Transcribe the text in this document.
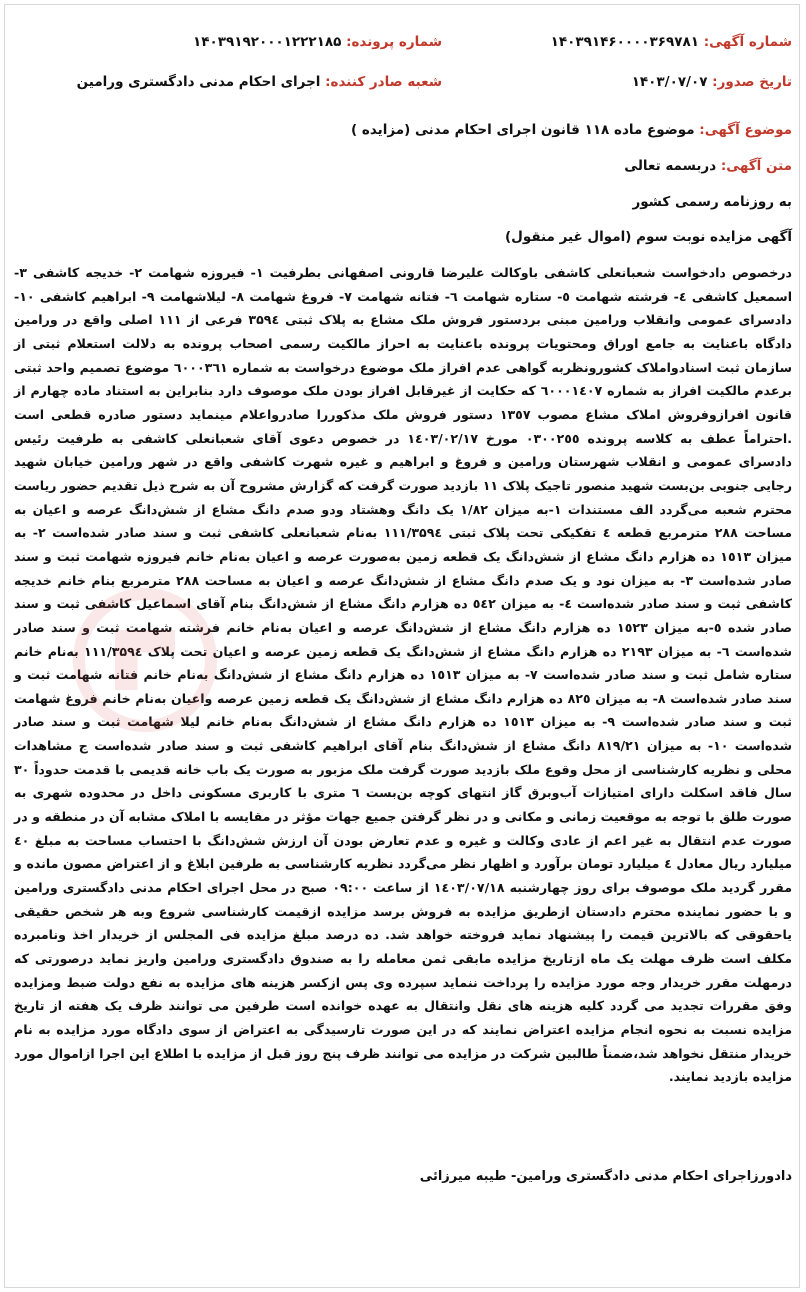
شماره آگهی: ۱۴۰۳۹۱۴۶۰۰۰۰۳۶۹۷۸۱
شماره پرونده: ۱۴۰۳۹۱۹۲۰۰۰۱۲۲۲۱۸۵
تاریخ صدور: ۱۴۰۳/۰۷/۰۷
شعبه صادر کننده: اجرای احکام مدنی دادگستری ورامین
موضوع آگهی: موضوع ماده ۱۱۸ قانون اجرای احکام مدنی (مزایده )
متن آگهی: دربسمه تعالی
به روزنامه رسمی کشور
آگهی مزایده نوبت سوم (اموال غیر منقول)
درخصوص دادخواست شعبانعلی کاشفی باوکالت علیرضا قارونی اصفهانی بطرفیت ۱- فیروزه شهامت ۲- خدیجه کاشفی ۳- اسمعیل کاشفی ٤- فرشته شهامت ٥- ستاره شهامت ٦- فتانه شهامت ۷- فروغ شهامت ۸- لیلاشهامت ۹- ابراهیم کاشفی ۱۰- دادسرای عمومی وانقلاب ورامین مبنی بردستور فروش ملک مشاع به پلاک ثبتی ۳۵۹٤ فرعی از ۱۱۱ اصلی واقع در ورامین دادگاه باعنایت به جامع اوراق ومحتویات پرونده باعنایت به احراز مالکیت رسمی اصحاب پرونده به دلالت استعلام ثبتی از سازمان ثبت اسنادواملاک کشورونظربه گواهی عدم افراز ملک موضوع درخواست به شماره ٦٠٠٠٣٦١ موضوع تصمیم واحد ثبتی برعدم مالکیت افراز به شماره ٦٠٠٠١٤٠۷ که حکایت از غیرقابل افراز بودن ملک موصوف دارد بنابراین به استناد ماده چهارم از قانون افرازوفروش املاک مشاع مصوب ۱۳٥۷ دستور فروش ملک مذکوررا صادرواعلام مینماید دستور صادره قطعی است .احتراماً عطف به کلاسه پرونده ۰۳۰۰۲٥٥ مورخ ۱٤۰۳/۰۲/۱۷ در خصوص دعوی آقای شعبانعلی کاشفی به طرفیت رئیس دادسرای عمومی و انقلاب شهرستان ورامین و فروغ و ابراهیم و غیره شهرت کاشفی واقع در شهر ورامین خیابان شهید رجایی جنوبی بن‌بست شهید منصور تاجیک پلاک ۱۱ بازدید صورت گرفت که گزارش مشروح آن به شرح ذیل تقدیم حضور ریاست محترم شعبه می‌گردد الف مستندات ۱-به میزان ۱/۸۲ یک دانگ وهشتاد ودو صدم دانگ مشاع از شش‌دانگ عرصه و اعیان به مساحت ۲۸۸ مترمربع قطعه ٤ تفکیکی تحت پلاک ثبتی ۱۱۱/۳۵۹٤ به‌نام شعبانعلی کاشفی ثبت و سند صادر شده‌است ۲- به میزان ۱٥۱۳ ده هزارم دانگ مشاع از شش‌دانگ یک قطعه زمین به‌صورت عرصه و اعیان به‌نام خانم فیروزه شهامت ثبت و سند صادر شده‌است ۳- به میزان نود و یک صدم دانگ مشاع از شش‌دانگ عرصه و اعیان به مساحت ۲۸۸ مترمربع بنام خانم خدیجه کاشفی ثبت و سند صادر شده‌است ٤- به میزان ٥٤۲ ده هزارم دانگ مشاع از شش‌دانگ بنام آقای اسماعیل کاشفی ثبت و سند صادر شده ٥-به میزان ۱٥۲۳ ده هزارم دانگ مشاع از شش‌دانگ عرصه و اعیان به‌نام خانم فرشته شهامت ثبت و سند صادر شده‌است ٦- به میزان ۲۱۹۳ ده هزارم دانگ مشاع از شش‌دانگ یک قطعه زمین عرصه و اعیان تحت پلاک ۱۱۱/۳۵۹٤ به‌نام خانم ستاره شامل ثبت و سند صادر شده‌است ۷- به میزان ۱٥۱۳ ده هزارم دانگ مشاع از شش‌دانگ به‌نام خانم فتانه شهامت ثبت و سند صادر شده‌است ۸- به میزان ۸۲٥ ده هزارم دانگ مشاع از شش‌دانگ یک قطعه زمین عرصه واعیان به‌نام خانم فروغ شهامت ثبت و سند صادر شده‌است ۹- به میزان ۱٥۱۳ ده هزارم دانگ مشاع از شش‌دانگ به‌نام خانم لیلا شهامت ثبت و سند صادر شده‌است ۱۰- به میزان ۸۱۹/۲۱ دانگ مشاع از شش‌دانگ بنام آقای ابراهیم کاشفی ثبت و سند صادر شده‌است ج مشاهدات محلی و نظریه کارشناسی از محل وقوع ملک بازدید صورت گرفت ملک مزبور به صورت یک باب خانه قدیمی با قدمت حدوداً ۳۰ سال فاقد اسکلت دارای امتیازات آب‌وبرق گاز انتهای کوچه بن‌بست ٦ متری با کاربری مسکونی داخل در محدوده شهری به صورت طلق با توجه به موقعیت زمانی و مکانی و در نظر گرفتن جمیع جهات مؤثر در مقایسه با املاک مشابه آن در منطقه و در صورت عدم انتقال به غیر اعم از عادی وکالت و غیره و عدم تعارض بودن آن ارزش شش‌دانگ با احتساب مساحت به مبلغ ٤۰ میلیارد ریال معادل ٤ میلیارد تومان برآورد و اظهار نظر می‌گردد نظریه کارشناسی به طرفین ابلاغ و از اعتراض مصون مانده و مقرر گردید ملک موصوف برای روز چهارشنبه ۱٤۰۳/۰۷/۱۸ از ساعت ۰۹:۰۰ صبح در محل اجرای احکام مدنی دادگستری ورامین و با حضور نماینده محترم دادستان ازطریق مزایده به فروش برسد مزایده ازقیمت کارشناسی شروع وبه هر شخص حقیقی یاحقوقی که بالاترین قیمت را پیشنهاد نماید فروخته خواهد شد. ده درصد مبلغ مزایده فی المجلس از خریدار اخذ ونامبرده مکلف است ظرف مهلت یک ماه ازتاریخ مزایده مابقی ثمن معامله را به صندوق دادگستری ورامین واریز نماید درصورتی که درمهلت مقرر خریدار وجه مورد مزایده را پرداخت ننماید سپرده وی پس ازکسر هزینه های مزایده به نفع دولت ضبط ومزایده وفق مقررات تجدید می گردد کلیه هزینه های نقل وانتقال به عهده خوانده است طرفین می توانند ظرف یک هفته از تاریخ مزایده نسبت به نحوه انجام مزایده اعتراض نمایند که در این صورت تارسیدگی به اعتراض از سوی دادگاه مورد مزایده به نام خریدار منتقل نخواهد شد،ضمناً طالبین شرکت در مزایده می توانند ظرف پنج روز قبل از مزایده با اطلاع این اجرا ازاموال مورد مزایده بازدید نمایند.
دادورزاجرای احکام مدنی دادگستری ورامین- طیبه میرزائی
